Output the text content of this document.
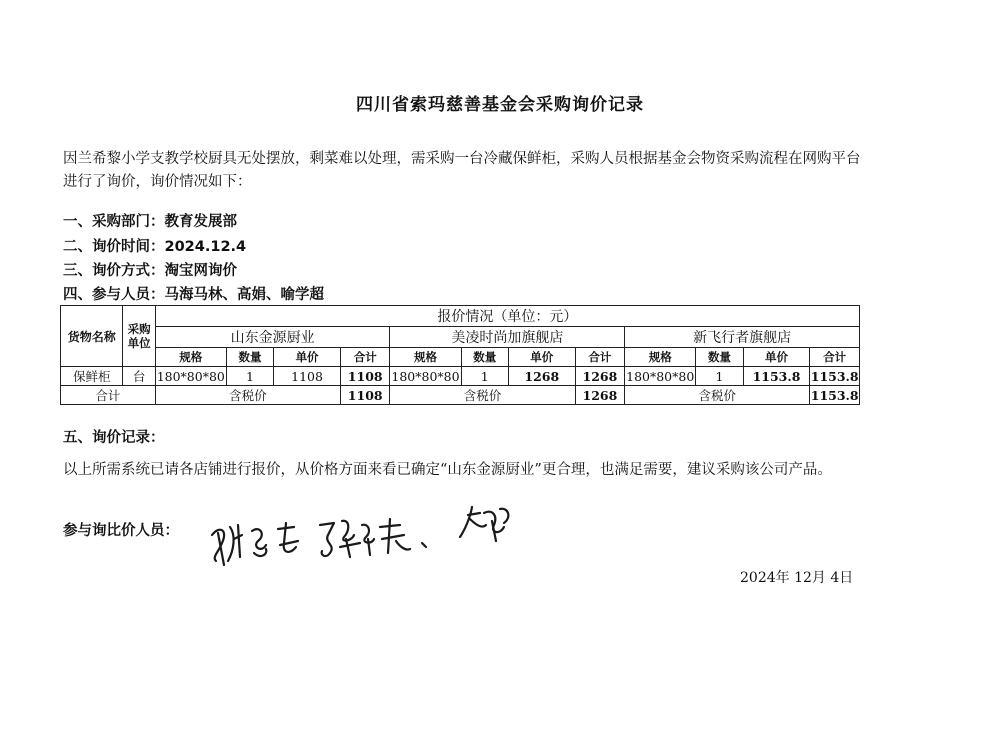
四川省索玛慈善基金会采购询价记录
因兰希黎小学支教学校厨具无处摆放，剩菜难以处理，需采购一台冷藏保鲜柜，采购人员根据基金会物资采购流程在网购平台进行了询价，询价情况如下：
一、采购部门：教育发展部
二、询价时间：2024.12.4
三、询价方式：淘宝网询价
四、参与人员：马海马林、高娟、喻学超
货物名称	采购单位	报价情况（单位：元）											
		山东金源厨业				美凌时尚加旗舰店				新飞行者旗舰店			
		规格	数量	单价	合计	规格	数量	单价	合计	规格	数量	单价	合计
保鲜柜	台	180*80*80	1	1108	1108	180*80*80	1	1268	1268	180*80*80	1	1153.8	1153.8
合计		含税价			1108	含税价			1268	含税价			1153.8
五、询价记录：
以上所需系统已请各店铺进行报价，从价格方面来看已确定“山东金源厨业”更合理，也满足需要，建议采购该公司产品。
参与询比价人员：
2024年 12月 4日
